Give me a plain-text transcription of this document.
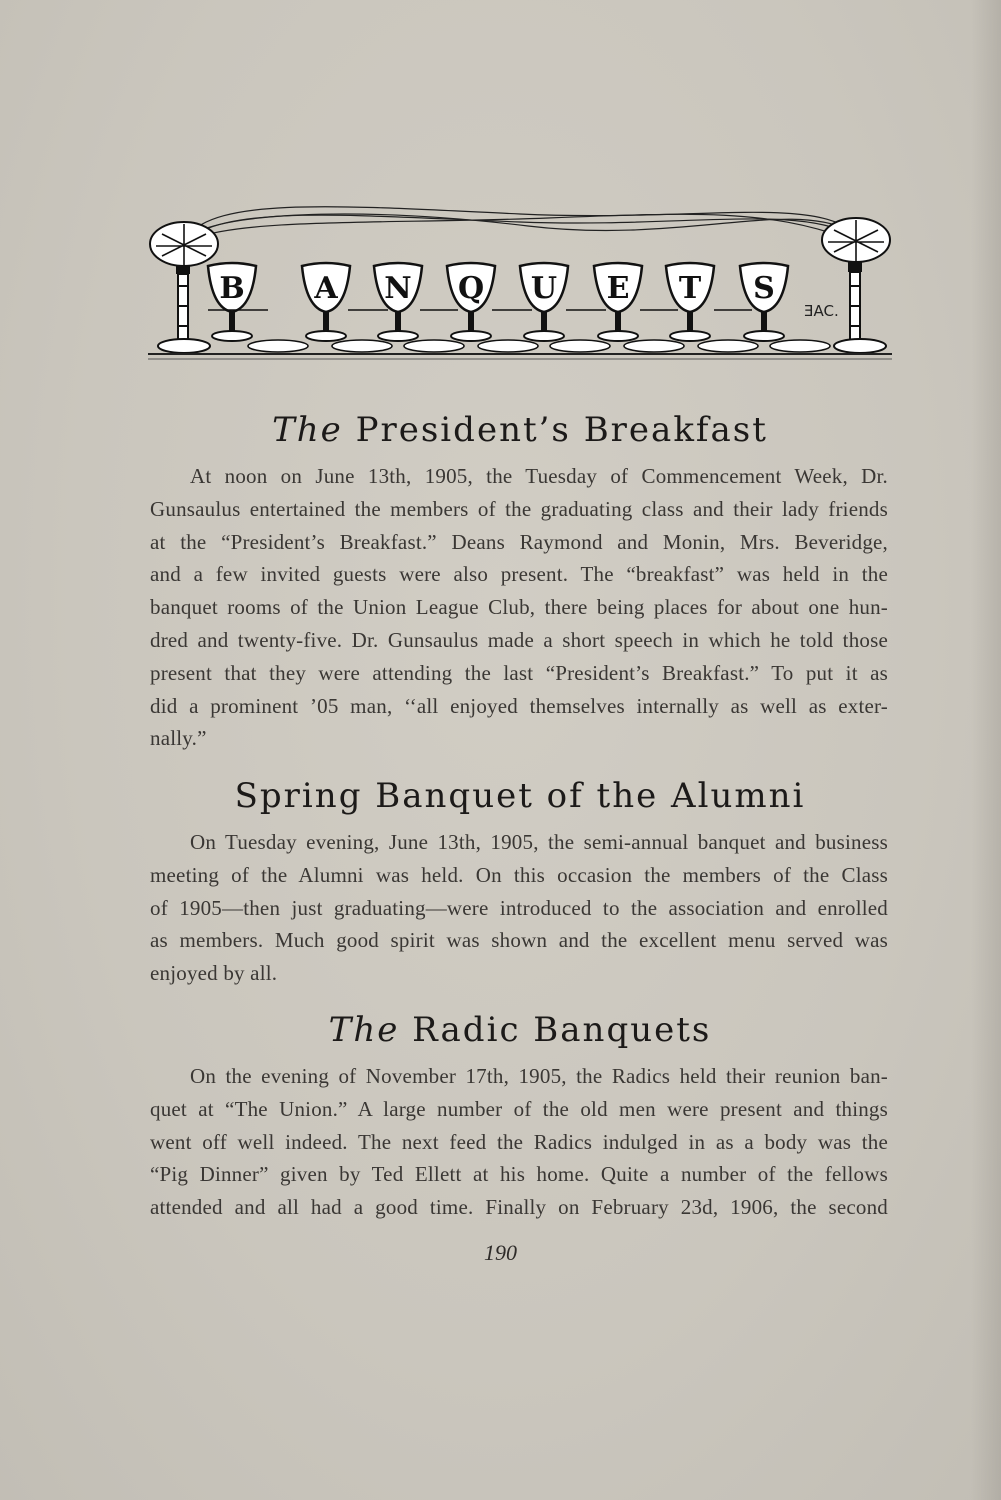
B A N Q U E T S
ƎAC.
The President’s Breakfast

At noon on June 13th, 1905, the Tuesday of Commencement Week, Dr.
Gunsaulus entertained the members of the graduating class and their lady friends
at the “President’s Breakfast.” Deans Raymond and Monin, Mrs. Beveridge,
and a few invited guests were also present. The “breakfast” was held in the
banquet rooms of the Union League Club, there being places for about one hun-
dred and twenty-five. Dr. Gunsaulus made a short speech in which he told those
present that they were attending the last “President’s Breakfast.” To put it as
did a prominent ’05 man, ‘‘all enjoyed themselves internally as well as exter-
nally.”

Spring Banquet of the Alumni

On Tuesday evening, June 13th, 1905, the semi-annual banquet and business
meeting of the Alumni was held. On this occasion the members of the Class
of 1905—then just graduating—were introduced to the association and enrolled
as members. Much good spirit was shown and the excellent menu served was
enjoyed by all.

The Radic Banquets

On the evening of November 17th, 1905, the Radics held their reunion ban-
quet at “The Union.” A large number of the old men were present and things
went off well indeed. The next feed the Radics indulged in as a body was the
“Pig Dinner” given by Ted Ellett at his home. Quite a number of the fellows
attended and all had a good time. Finally on February 23d, 1906, the second

190
